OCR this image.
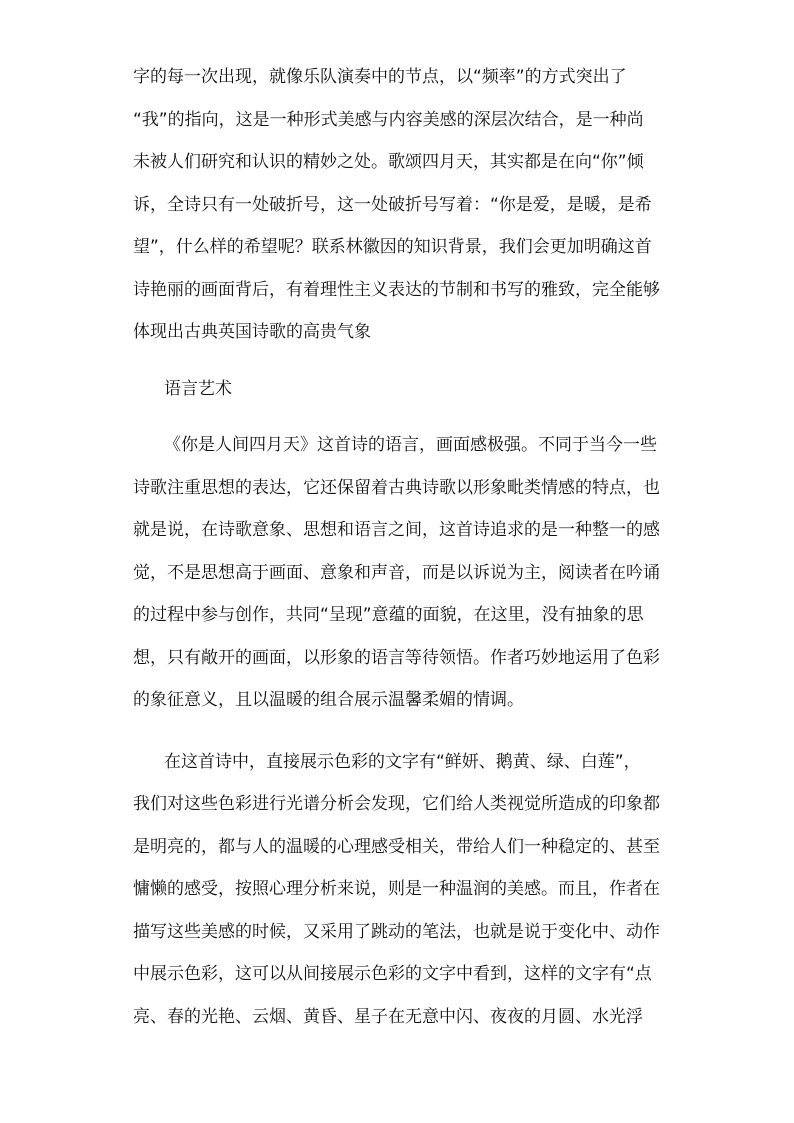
字的每一次出现，就像乐队演奏中的节点，以“频率”的方式突出了
“我”的指向，这是一种形式美感与内容美感的深层次结合，是一种尚
未被人们研究和认识的精妙之处。歌颂四月天，其实都是在向“你”倾
诉，全诗只有一处破折号，这一处破折号写着：“你是爱，是暖，是希
望”，什么样的希望呢？联系林徽因的知识背景，我们会更加明确这首
诗艳丽的画面背后，有着理性主义表达的节制和书写的雅致，完全能够
体现出古典英国诗歌的高贵气象
语言艺术
《你是人间四月天》这首诗的语言，画面感极强。不同于当今一些
诗歌注重思想的表达，它还保留着古典诗歌以形象毗类情感的特点，也
就是说，在诗歌意象、思想和语言之间，这首诗追求的是一种整一的感
觉，不是思想高于画面、意象和声音，而是以诉说为主，阅读者在吟诵
的过程中参与创作，共同“呈现”意蕴的面貌，在这里，没有抽象的思
想，只有敞开的画面，以形象的语言等待领悟。作者巧妙地运用了色彩
的象征意义，且以温暖的组合展示温馨柔媚的情调。
在这首诗中，直接展示色彩的文字有“鲜妍、鹅黄、绿、白莲”，
我们对这些色彩进行光谱分析会发现，它们给人类视觉所造成的印象都
是明亮的，都与人的温暖的心理感受相关，带给人们一种稳定的、甚至
慵懒的感受，按照心理分析来说，则是一种温润的美感。而且，作者在
描写这些美感的时候，又采用了跳动的笔法，也就是说于变化中、动作
中展示色彩，这可以从间接展示色彩的文字中看到，这样的文字有“点
亮、春的光艳、云烟、黄昏、星子在无意中闪、夜夜的月圆、水光浮
